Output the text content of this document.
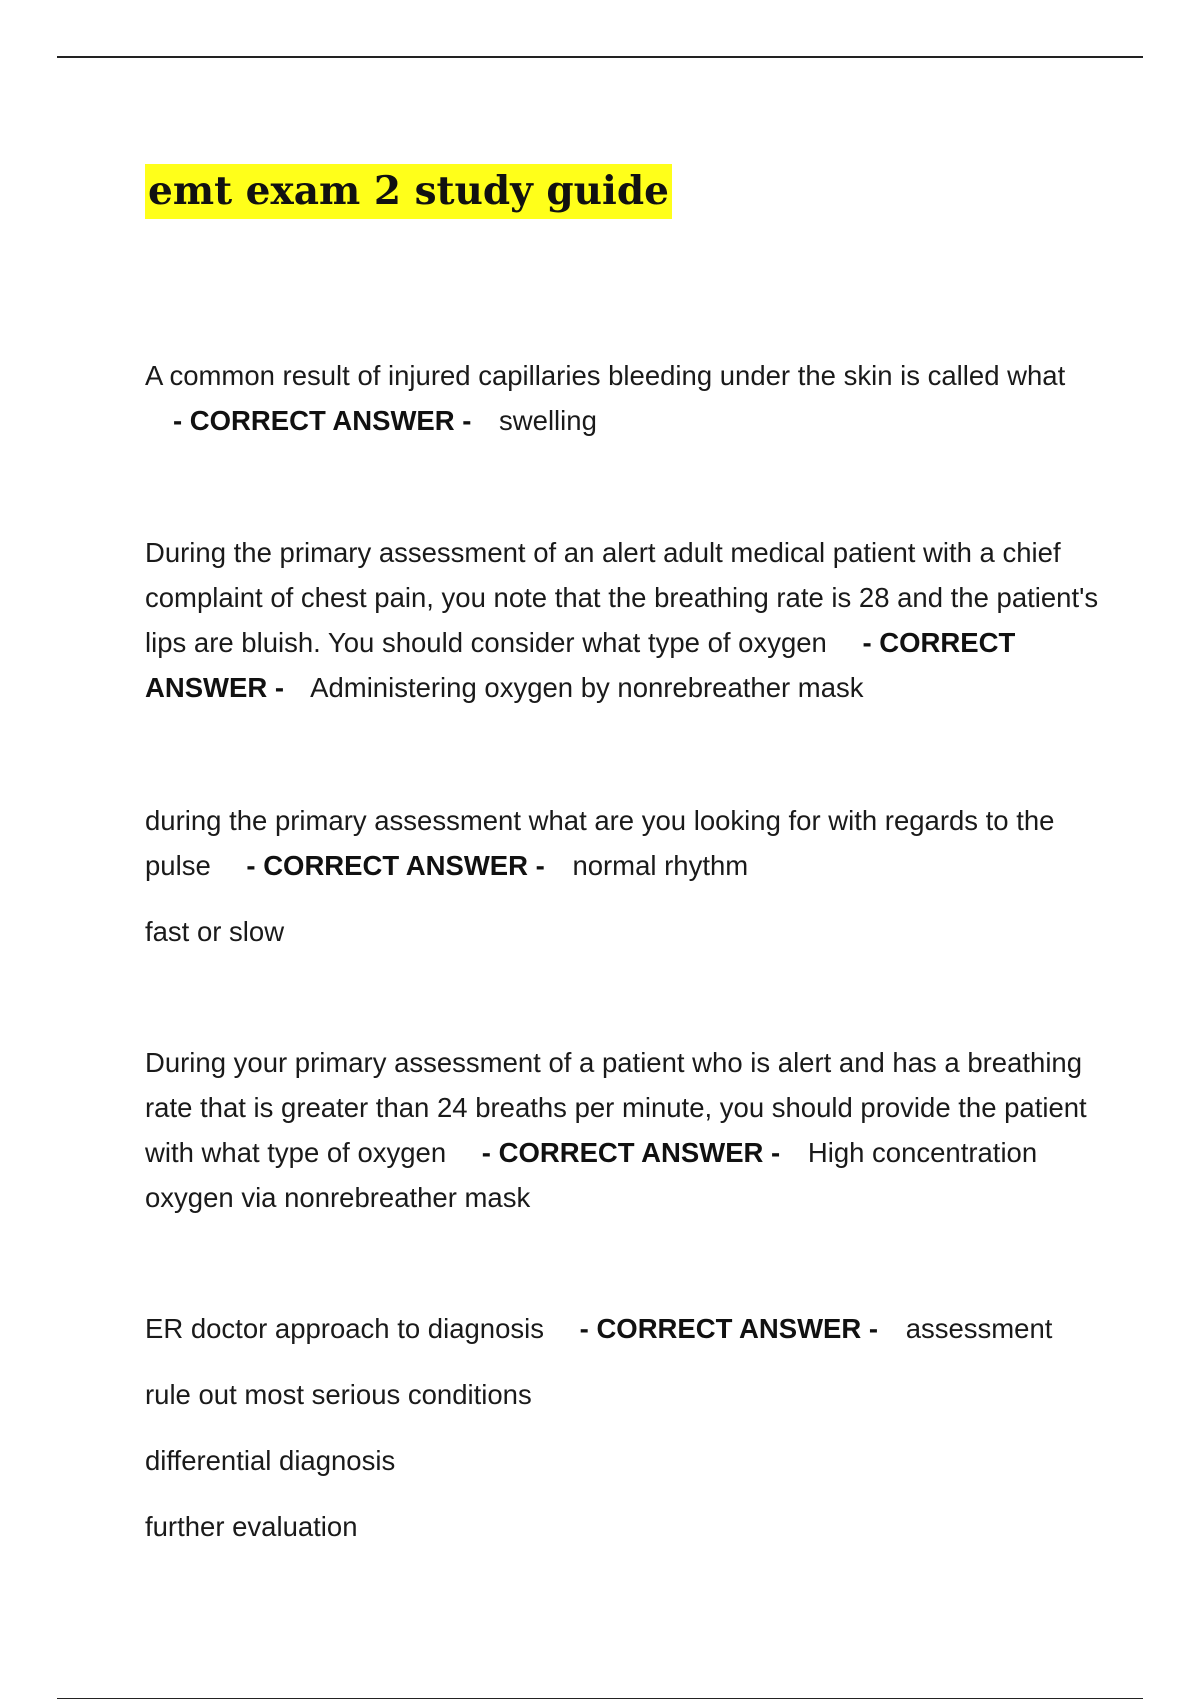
emt exam 2 study guide

A common result of injured capillaries bleeding under the skin is called what - CORRECT ANSWER - swelling

During the primary assessment of an alert adult medical patient with a chief complaint of chest pain, you note that the breathing rate is 28 and the patient's lips are bluish. You should consider what type of oxygen - CORRECT ANSWER - Administering oxygen by nonrebreather mask

during the primary assessment what are you looking for with regards to the pulse - CORRECT ANSWER - normal rhythm

fast or slow

During your primary assessment of a patient who is alert and has a breathing rate that is greater than 24 breaths per minute, you should provide the patient with what type of oxygen - CORRECT ANSWER - High concentration oxygen via nonrebreather mask

ER doctor approach to diagnosis - CORRECT ANSWER - assessment

rule out most serious conditions

differential diagnosis

further evaluation
